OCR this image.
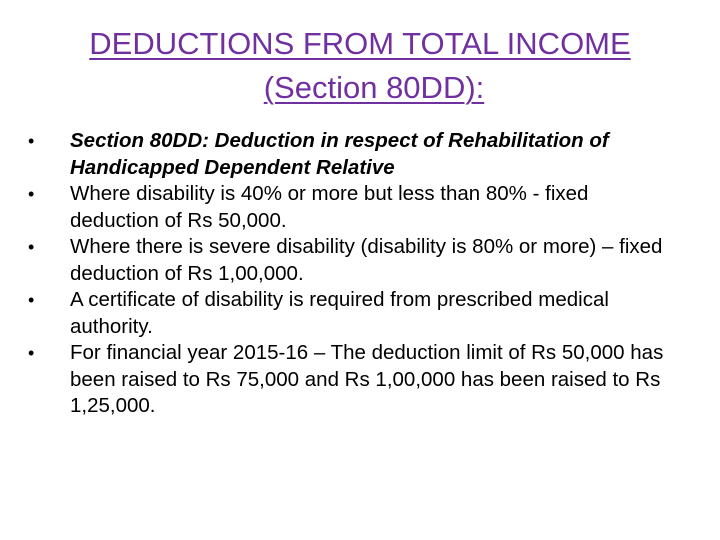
DEDUCTIONS FROM TOTAL INCOME
(Section 80DD):
•	Section 80DD: Deduction in respect of Rehabilitation of Handicapped Dependent Relative
•	Where disability is 40% or more but less than 80% - fixed deduction of Rs 50,000.
•	Where there is severe disability (disability is 80% or more) – fixed deduction of Rs 1,00,000.
•	A certificate of disability is required from prescribed medical authority.
•	For financial year 2015-16 – The deduction limit of Rs 50,000 has been raised to Rs 75,000 and Rs 1,00,000 has been raised to Rs 1,25,000.
